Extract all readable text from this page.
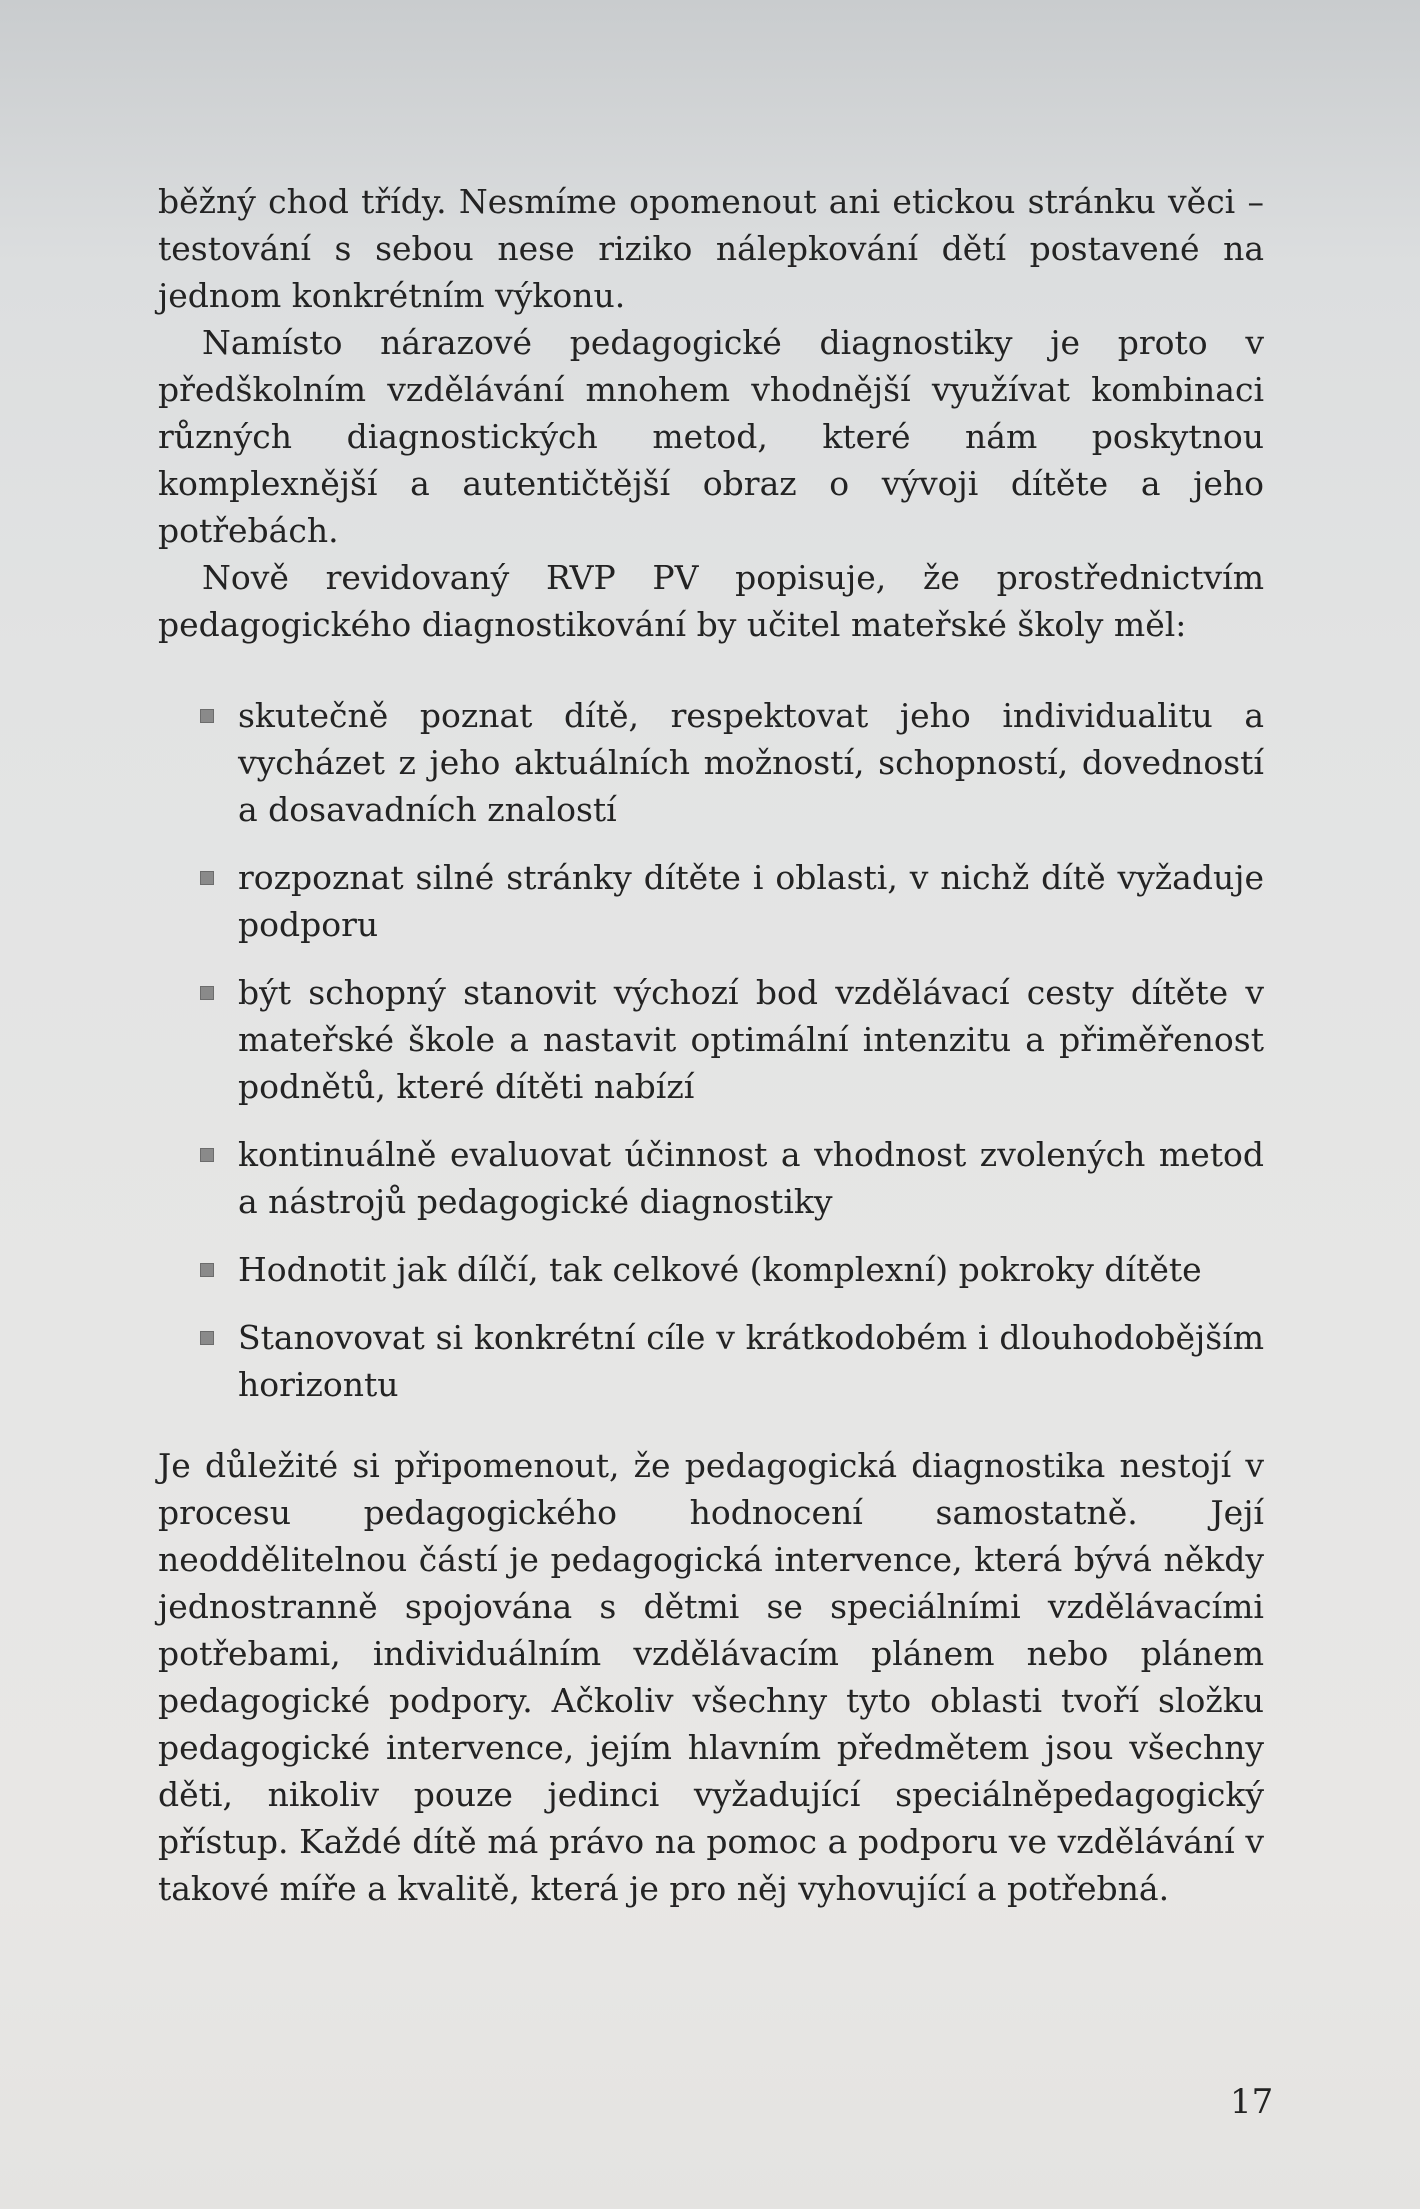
běžný chod třídy. Nesmíme opomenout ani etickou stránku věci – testování s sebou nese riziko nálepkování dětí postavené na jednom konkrétním výkonu.

Namísto nárazové pedagogické diagnostiky je proto v předškolním vzdělávání mnohem vhodnější využívat kombinaci různých diagnostických metod, které nám poskytnou komplexnější a autentičtější obraz o vývoji dítěte a jeho potřebách.

Nově revidovaný RVP PV popisuje, že prostřednictvím pedagogického diagnostikování by učitel mateřské školy měl:

skutečně poznat dítě, respektovat jeho individualitu a vycházet z jeho aktuálních možností, schopností, dovedností a dosavadních znalostí
rozpoznat silné stránky dítěte i oblasti, v nichž dítě vyžaduje podporu
být schopný stanovit výchozí bod vzdělávací cesty dítěte v mateřské škole a nastavit optimální intenzitu a přiměřenost podnětů, které dítěti nabízí
kontinuálně evaluovat účinnost a vhodnost zvolených metod a nástrojů pedagogické diagnostiky
Hodnotit jak dílčí, tak celkové (komplexní) pokroky dítěte
Stanovovat si konkrétní cíle v krátkodobém i dlouhodobějším horizontu

Je důležité si připomenout, že pedagogická diagnostika nestojí v procesu pedagogického hodnocení samostatně. Její neoddělitelnou částí je pedagogická intervence, která bývá někdy jednostranně spojována s dětmi se speciálními vzdělávacími potřebami, individuálním vzdělávacím plánem nebo plánem pedagogické podpory. Ačkoliv všechny tyto oblasti tvoří složku pedagogické intervence, jejím hlavním předmětem jsou všechny děti, nikoliv pouze jedinci vyžadující speciálněpedagogický přístup. Každé dítě má právo na pomoc a podporu ve vzdělávání v takové míře a kvalitě, která je pro něj vyhovující a potřebná.

17
